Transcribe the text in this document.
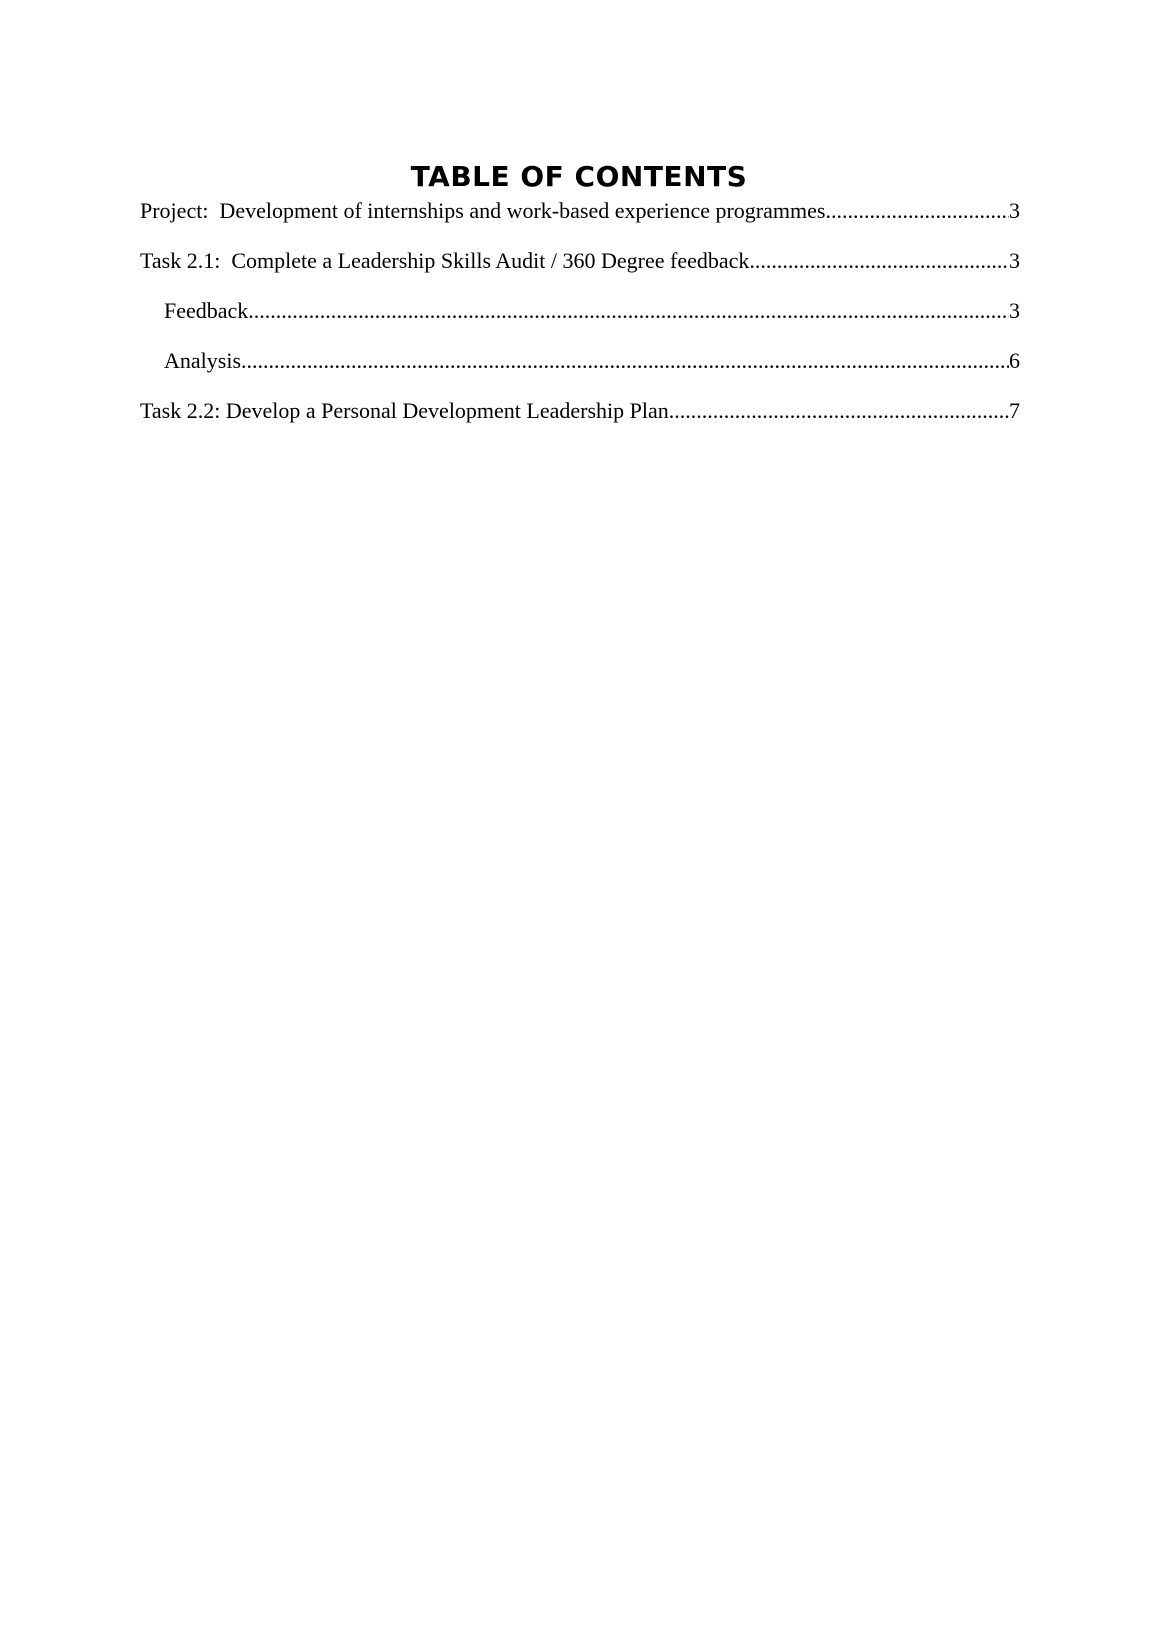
TABLE OF CONTENTS
Project:  Development of internships and work-based experience programmes .....	3
Task 2.1:  Complete a Leadership Skills Audit / 360 Degree feedback .....	3
Feedback .....	3
Analysis .....	6
Task 2.2: Develop a Personal Development Leadership Plan .....	7
